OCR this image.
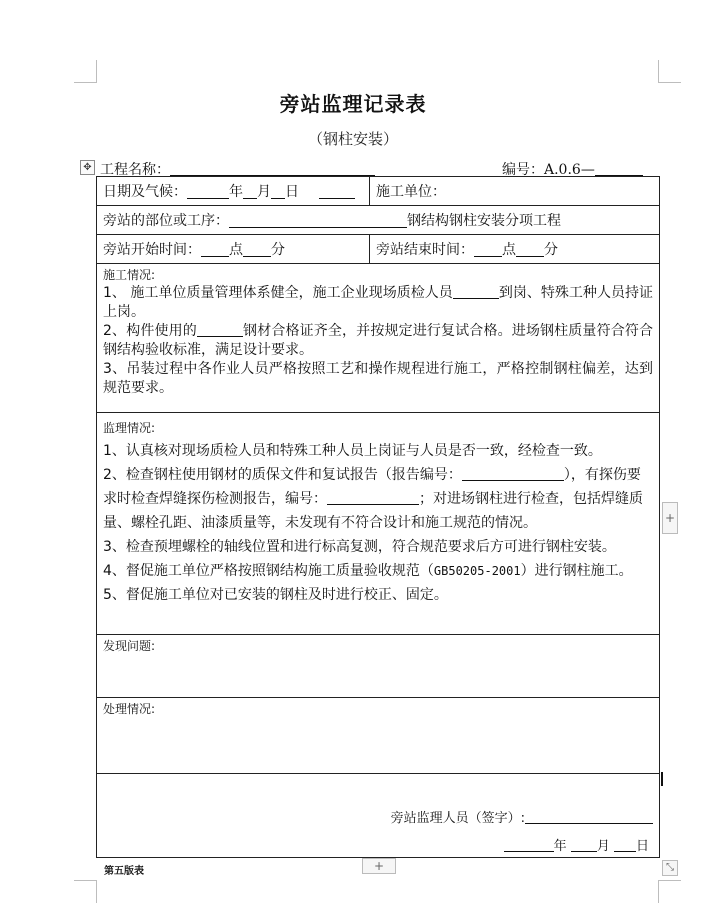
旁站监理记录表
（钢柱安装）
✥ 工程名称：	编号：A.0.6—
日期及气候：	年 月 日	施工单位：
旁站的部位或工序：	钢结构钢柱安装分项工程
旁站开始时间： 点 分	旁站结束时间： 点 分
施工情况:

1、 施工单位质量管理体系健全，施工企业现场质检人员	到岗、特殊工种人员持证上岗。

2、构件使用的	钢材合格证齐全，并按规定进行复试合格。进场钢柱质量符合符合钢结构验收标准，满足设计要求。

3、吊装过程中各作业人员严格按照工艺和操作规程进行施工，严格控制钢柱偏差，达到规范要求。

监理情况:

1、认真核对现场质检人员和特殊工种人员上岗证与人员是否一致，经检查一致。

2、检查钢柱使用钢材的质保文件和复试报告（报告编号：	），有探伤要求时检查焊缝探伤检测报告，编号：	；对进场钢柱进行检查，包括焊缝质量、螺栓孔距、油漆质量等，未发现有不符合设计和施工规范的情况。

3、检查预埋螺栓的轴线位置和进行标高复测，符合规范要求后方可进行钢柱安装。

4、督促施工单位严格按照钢结构施工质量验收规范（GB50205-2001）进行钢柱施工。

5、督促施工单位对已安装的钢柱及时进行校正、固定。

发现问题:
处理情况:
旁站监理人员（签字）:
年 月 日
+
第五版表	+	⤡
